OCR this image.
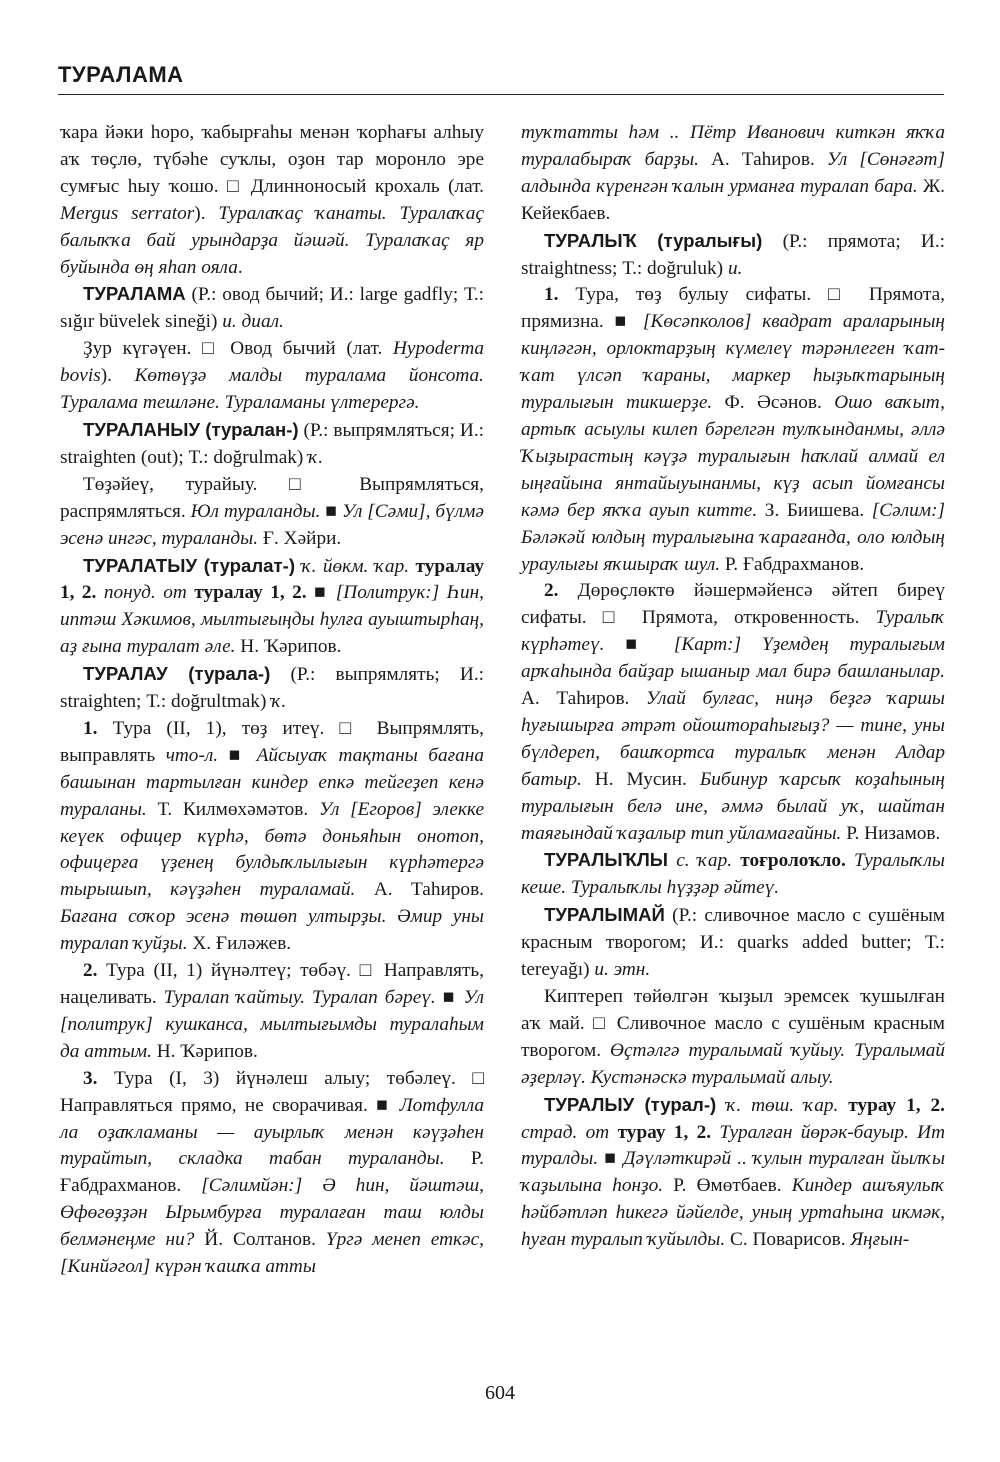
ТУРАЛАМА

ҡара йәки һоро, ҡабырғаһы менән ҡорһағы алһыу аҡ төҫлө, түбәһе суҡлы, оҙон тар моронло эре сумғыс һыу ҡошо. □ Длинноносый крохаль (лат. Mergus serrator). Туралаҡаҫ ҡанаты. Туралаҡаҫ балыҡҡа бай урындарҙа йәшәй. Туралаҡаҫ яр буйында өң яһап ояла.

ТУРАЛАМА (Р.: овод бычий; И.: large gadfly; Т.: sığır büvelek sineği) и. диал.

Ҙур күгәүен. □ Овод бычий (лат. Hypoderma bovis). Көтөүҙә малды туралама йонсота. Туралама тешләне. Тураламаны үлтерергә.

ТУРАЛАНЫУ (туралан-) (Р.: выпрямляться; И.: straighten (out); Т.: doğrulmak) ҡ.

Төҙәйеү, турайыу. □ Выпрямляться, распрямляться. Юл тураланды. ■ Ул [Сәми], бүлмә эсенә ингәс, тураланды. Ғ. Хәйри.

ТУРАЛАТЫУ (туралат-) ҡ. йөкм. ҡар. туралау 1, 2. понуд. от туралау 1, 2. ■ [Политрук:] Һин, иптәш Хәкимов, мылтығыңды һулға ауыштырһаң, аҙ ғына туралат әле. Н. Ҡәрипов.

ТУРАЛАУ (турала-) (Р.: выпрямлять; И.: straighten; Т.: doğrultmak) ҡ.

1. Тура (II, 1), төҙ итеү. □ Выпрямлять, выправлять что-л. ■ Айсыуаҡ тақтаны бағана башынан тартылған киндер епкә тейгеҙеп кенә тураланы. Т. Килмөхәмәтов. Ул [Егоров] элекке кеүек офицер күрһә, бөтә доньяһын онотоп, офицерға үҙенең булдыҡлылығын күрһәтергә тырышып, кәүҙәһен тураламай. А. Таһиров. Бағана соҡор эсенә төшөп ултырҙы. Әмир уны туралап ҡуйҙы. Х. Ғиләжев.

2. Тура (II, 1) йүнәлтеү; төбәү. □ Направлять, нацеливать. Туралап ҡайтыу. Туралап бәреү. ■ Ул [политрук] кушканса, мылтығымды туралаһым да аттым. Н. Ҡәрипов.

3. Тура (I, 3) йүнәлеш алыу; төбәлеү. □ Направляться прямо, не сворачивая. ■ Лотфулла ла оҙаҡламаны — ауырлыҡ менән кәүҙәһен турайтып, складка табан тураланды. Р. Ғабдрахманов. [Сәлимйән:] Ә һин, йәштәш, Өфөгөҙҙән Ырымбурға туралаған таш юлды белмәнеңме ни? Й. Солтанов. Үргә менеп еткәс, [Кинйәгол] күрән ҡашҡа атты

туҡтатты һәм .. Пётр Иванович киткән яҡҡа туралабыраҡ барҙы. А. Таһиров. Ул [Сөнәғәт] алдында күренгән ҡалын урманға туралап бара. Ж. Кейекбаев.

ТУРАЛЫҠ (туралығы) (Р.: прямота; И.: straightness; Т.: doğruluk) и.

1. Тура, төҙ булыу сифаты. □ Прямота, прямизна. ■ [Көсәпколов] квадрат араларының киңләгән, орлоктарҙың күмелеү тәрәнлеген ҡат-ҡат үлсәп ҡараны, маркер һыҙыҡтарының туралығын тикшерҙе. Ф. Әсәнов. Ошо ваҡыт, артыҡ асыулы килеп бәрелгән тулҡынданмы, әллә Ҡыҙырастың кәүҙә туралығын һаҡлай алмай ел ыңғайына янтайыуынанмы, күҙ асып йомғансы кәмә бер яҡҡа ауып китте. З. Биишева. [Сәлим:] Бәләкәй юлдың туралығына ҡарағанда, оло юлдың ураулығы яҡшыраҡ шул. Р. Ғабдрахманов.

2. Дөрөҫлөктө йәшермәйенсә әйтеп биреү сифаты. □ Прямота, откровенность. Туралыҡ күрһәтеү. ■ [Карт:] Үҙемдең туралығым арҡаһында байҙар ышаныр мал бирә башланылар. А. Таһиров. Улай булғас, ниңә беҙгә ҡаршы һуғышырға әтрәт ойоштораһығыҙ? — тине, уны бүлдереп, башҡортса туралыҡ менән Алдар батыр. Н. Мусин. Бибинур ҡарсыҡ коҙаһының туралығын белә ине, әммә былай уҡ, шайтан таяғындай ҡаҙалыр тип уйламағайны. Р. Низамов.

ТУРАЛЫҠЛЫ с. ҡар. тоғролоҡло. Туралыҡлы кеше. Туралыҡлы һүҙҙәр әйтеү.

ТУРАЛЫМАЙ (Р.: сливочное масло с сушёным красным творогом; И.: quarks added butter; Т.: tereyağı) и. этн.

Киптереп төйөлгән ҡыҙыл эремсек ҡушылған аҡ май. □ Сливочное масло с сушёным красным творогом. Өҫтәлгә туралымай ҡуйыу. Туралымай әҙерләү. Кустәнәскә туралымай алыу.

ТУРАЛЫУ (турал-) ҡ. төш. ҡар. турау 1, 2. страд. от турау 1, 2. Туралған йөрәк-бауыр. Ит туралды. ■ Дәүләткирәй .. ҡулын туралған йылҡы ҡаҙылына һонҙо. Р. Өмөтбаев. Киндер ашъяулыҡ һәйбәтләп һикегә йәйелде, уның уртаһына икмәк, һуған туралып ҡуйылды. С. Поварисов. Яңғын-

604
